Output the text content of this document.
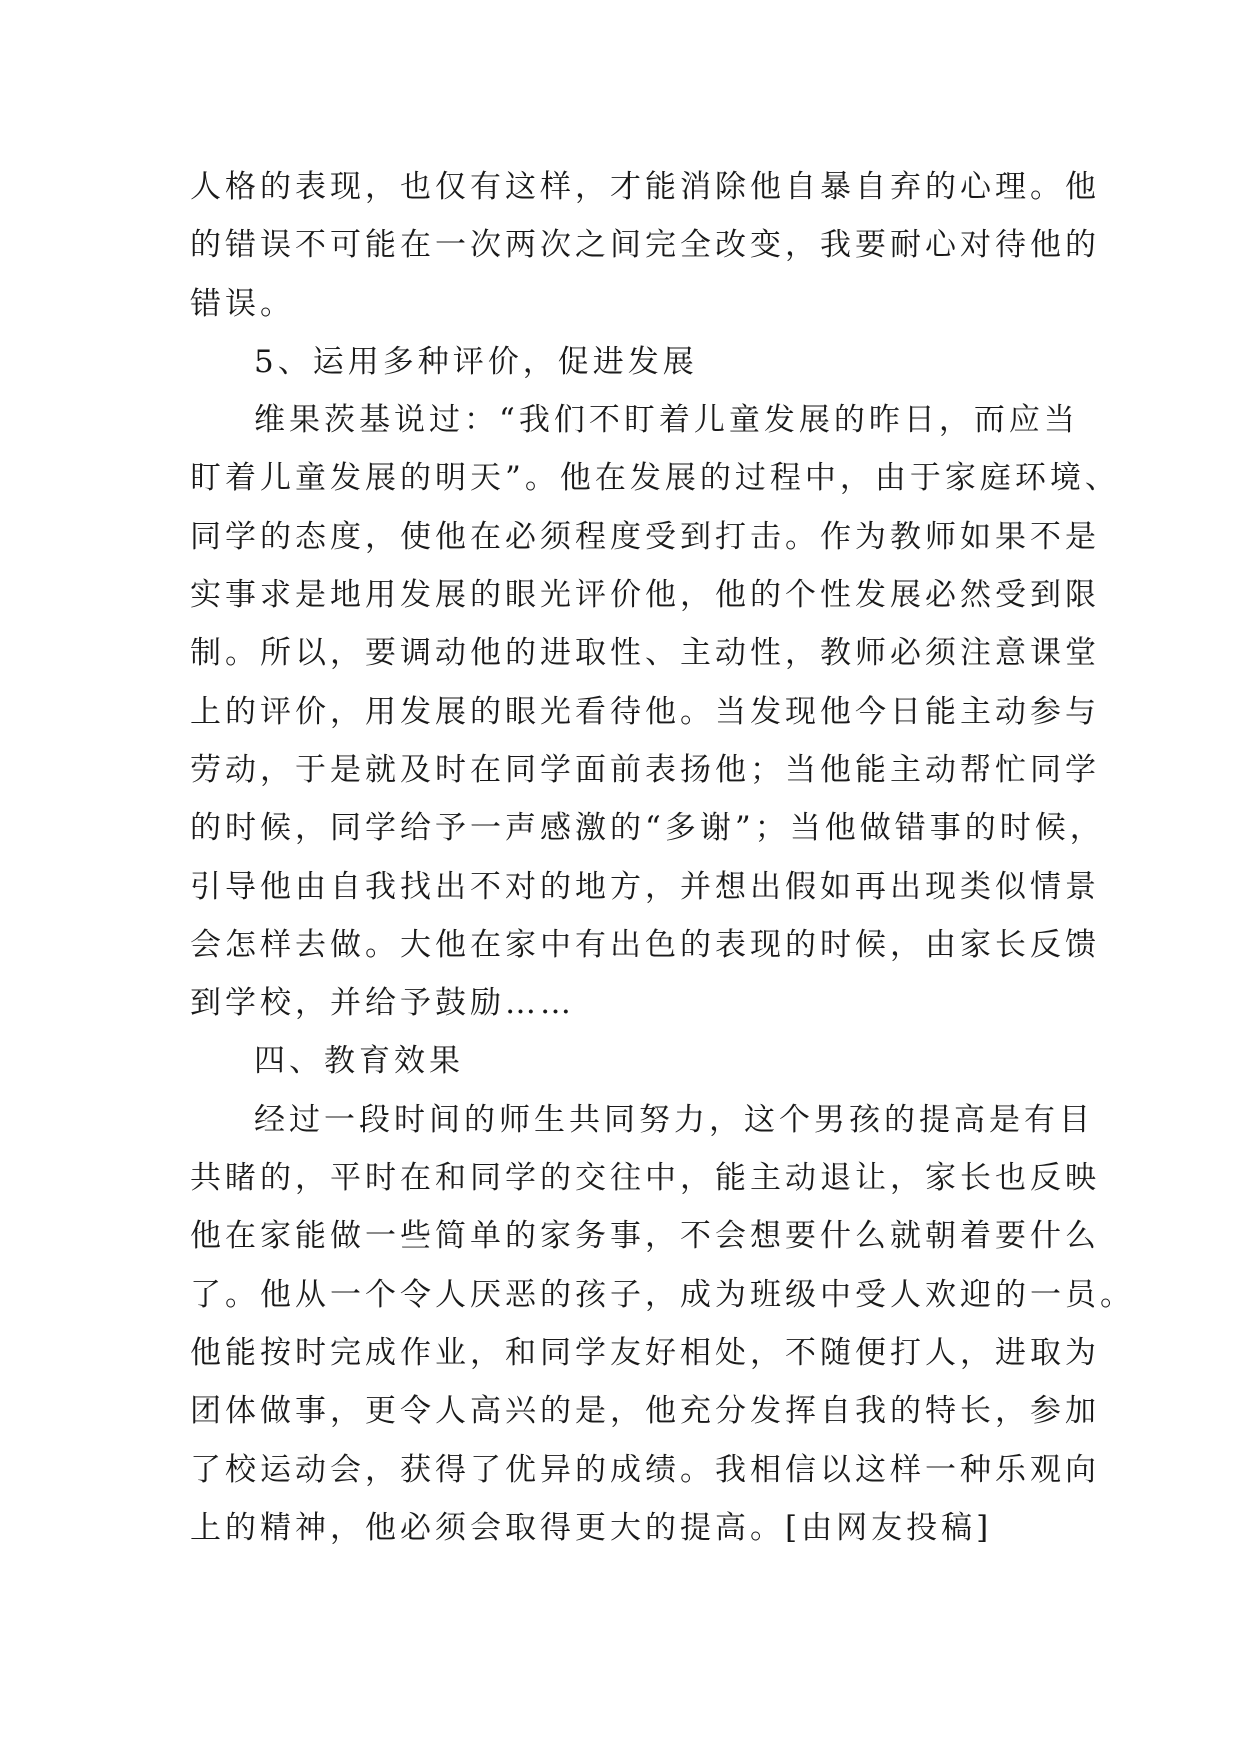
人格的表现，也仅有这样，才能消除他自暴自弃的心理。他
的错误不可能在一次两次之间完全改变，我要耐心对待他的
错误。
5、运用多种评价，促进发展
维果茨基说过：“我们不盯着儿童发展的昨日，而应当
盯着儿童发展的明天”。他在发展的过程中，由于家庭环境、
同学的态度，使他在必须程度受到打击。作为教师如果不是
实事求是地用发展的眼光评价他，他的个性发展必然受到限
制。所以，要调动他的进取性、主动性，教师必须注意课堂
上的评价，用发展的眼光看待他。当发现他今日能主动参与
劳动，于是就及时在同学面前表扬他；当他能主动帮忙同学
的时候，同学给予一声感激的“多谢”；当他做错事的时候，
引导他由自我找出不对的地方，并想出假如再出现类似情景
会怎样去做。大他在家中有出色的表现的时候，由家长反馈
到学校，并给予鼓励……
四、教育效果
经过一段时间的师生共同努力，这个男孩的提高是有目
共睹的，平时在和同学的交往中，能主动退让，家长也反映
他在家能做一些简单的家务事，不会想要什么就朝着要什么
了。他从一个令人厌恶的孩子，成为班级中受人欢迎的一员。
他能按时完成作业，和同学友好相处，不随便打人，进取为
团体做事，更令人高兴的是，他充分发挥自我的特长，参加
了校运动会，获得了优异的成绩。我相信以这样一种乐观向
上的精神，他必须会取得更大的提高。[由网友投稿]
